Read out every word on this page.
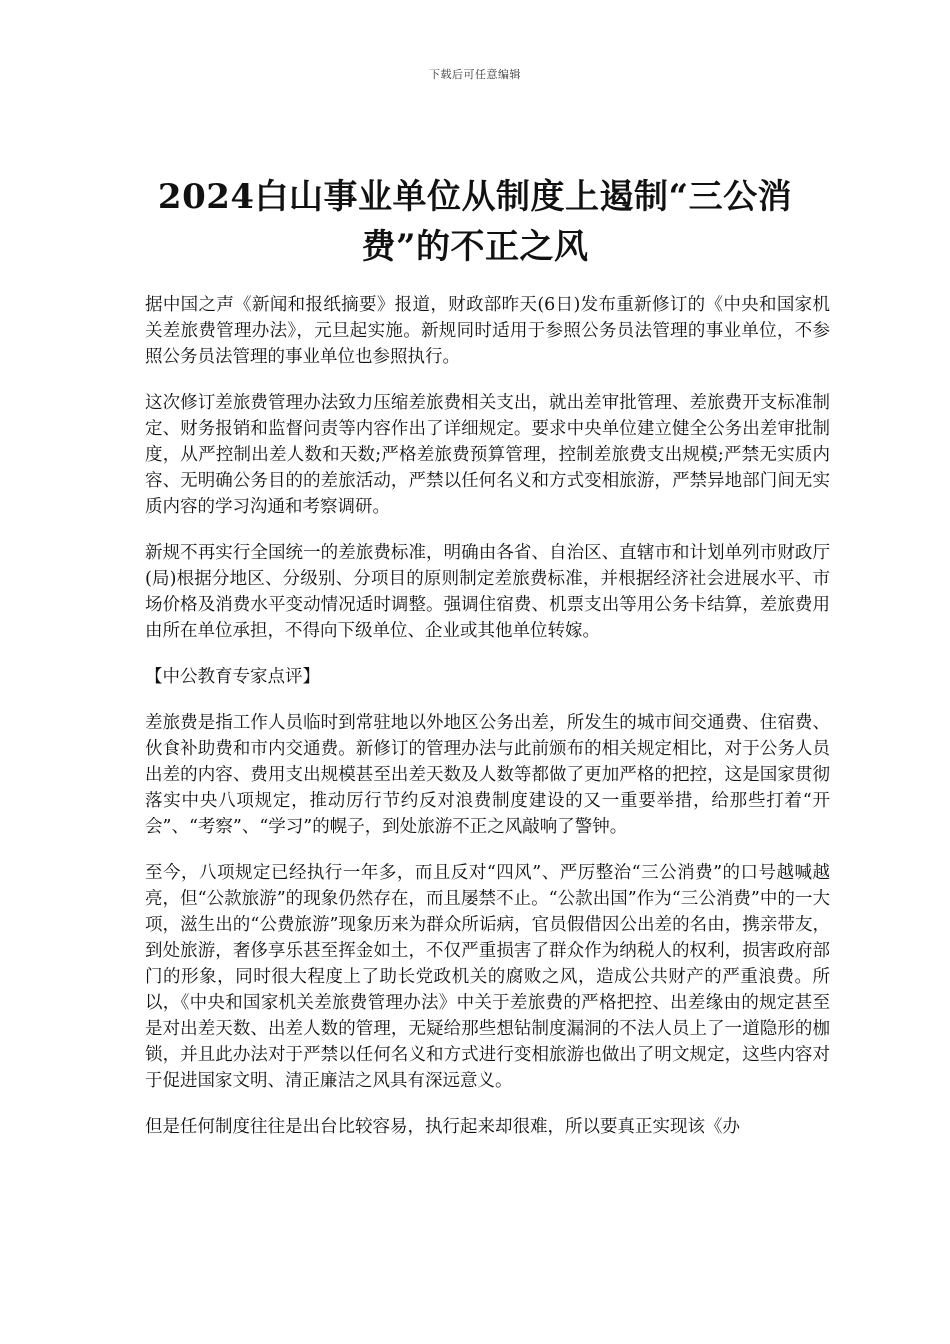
下载后可任意编辑
2024白山事业单位从制度上遏制“三公消费”的不正之风

据中国之声《新闻和报纸摘要》报道，财政部昨天(6日)发布重新修订的《中央和国家机关差旅费管理办法》，元旦起实施。新规同时适用于参照公务员法管理的事业单位，不参照公务员法管理的事业单位也参照执行。

这次修订差旅费管理办法致力压缩差旅费相关支出，就出差审批管理、差旅费开支标准制定、财务报销和监督问责等内容作出了详细规定。要求中央单位建立健全公务出差审批制度，从严控制出差人数和天数;严格差旅费预算管理，控制差旅费支出规模;严禁无实质内容、无明确公务目的的差旅活动，严禁以任何名义和方式变相旅游，严禁异地部门间无实质内容的学习沟通和考察调研。

新规不再实行全国统一的差旅费标准，明确由各省、自治区、直辖市和计划单列市财政厅(局)根据分地区、分级别、分项目的原则制定差旅费标准，并根据经济社会进展水平、市场价格及消费水平变动情况适时调整。强调住宿费、机票支出等用公务卡结算，差旅费用由所在单位承担，不得向下级单位、企业或其他单位转嫁。

【中公教育专家点评】

差旅费是指工作人员临时到常驻地以外地区公务出差，所发生的城市间交通费、住宿费、伙食补助费和市内交通费。新修订的管理办法与此前颁布的相关规定相比，对于公务人员出差的内容、费用支出规模甚至出差天数及人数等都做了更加严格的把控，这是国家贯彻落实中央八项规定，推动厉行节约反对浪费制度建设的又一重要举措，给那些打着“开会”、“考察”、“学习”的幌子，到处旅游不正之风敲响了警钟。

至今，八项规定已经执行一年多，而且反对“四风”、严厉整治“三公消费”的口号越喊越亮，但“公款旅游”的现象仍然存在，而且屡禁不止。“公款出国”作为“三公消费”中的一大项，滋生出的“公费旅游”现象历来为群众所诟病，官员假借因公出差的名由，携亲带友，到处旅游，奢侈享乐甚至挥金如土，不仅严重损害了群众作为纳税人的权利，损害政府部门的形象，同时很大程度上了助长党政机关的腐败之风，造成公共财产的严重浪费。所以，《中央和国家机关差旅费管理办法》中关于差旅费的严格把控、出差缘由的规定甚至是对出差天数、出差人数的管理，无疑给那些想钻制度漏洞的不法人员上了一道隐形的枷锁，并且此办法对于严禁以任何名义和方式进行变相旅游也做出了明文规定，这些内容对于促进国家文明、清正廉洁之风具有深远意义。

但是任何制度往往是出台比较容易，执行起来却很难，所以要真正实现该《办
